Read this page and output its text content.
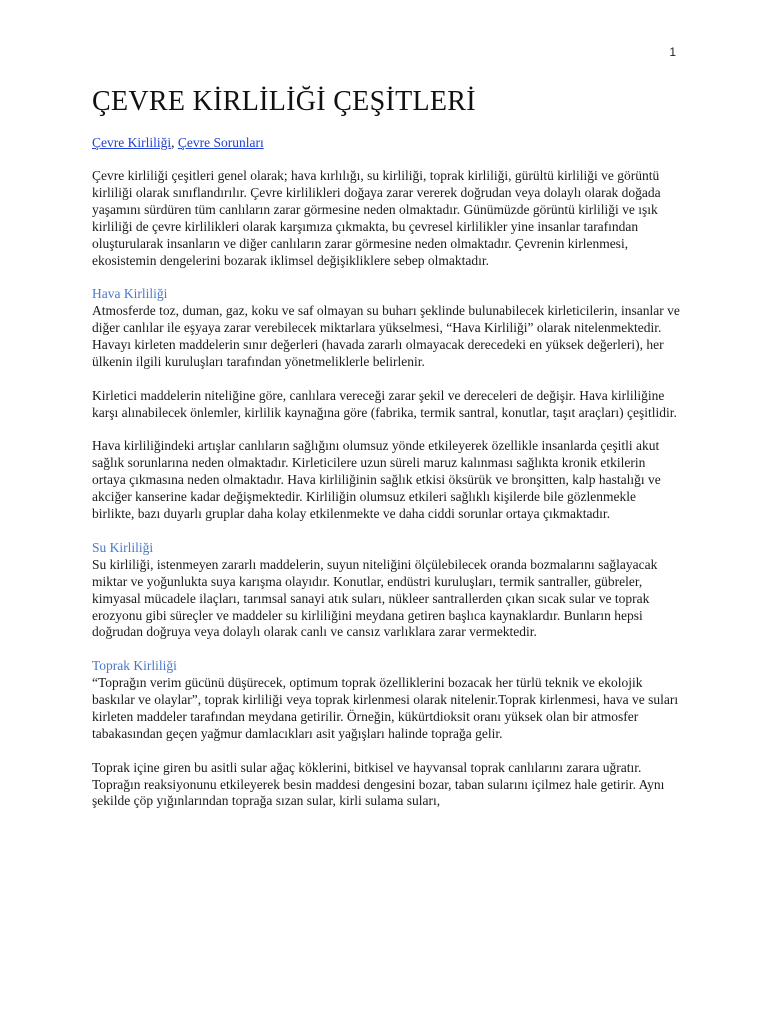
1
ÇEVRE KİRLİLİĞİ ÇEŞİTLERİ
Çevre Kirliliği, Çevre Sorunları

Çevre kirliliği çeşitleri genel olarak; hava kırlılığı, su kirliliği, toprak kirliliği, gürültü kirliliği ve görüntü kirliliği olarak sınıflandırılır. Çevre kirlilikleri doğaya zarar vererek doğrudan veya dolaylı olarak doğada yaşamını sürdüren tüm canlıların zarar görmesine neden olmaktadır. Günümüzde görüntü kirliliği ve ışık kirliliği de çevre kirlilikleri olarak karşımıza çıkmakta, bu çevresel kirlilikler yine insanlar tarafından oluşturularak insanların ve diğer canlıların zarar görmesine neden olmaktadır. Çevrenin kirlenmesi, ekosistemin dengelerini bozarak iklimsel değişikliklere sebep olmaktadır.

Hava Kirliliği

Atmosferde toz, duman, gaz, koku ve saf olmayan su buharı şeklinde bulunabilecek kirleticilerin, insanlar ve diğer canlılar ile eşyaya zarar verebilecek miktarlara yükselmesi, “Hava Kirliliği” olarak nitelenmektedir. Havayı kirleten maddelerin sınır değerleri (havada zararlı olmayacak derecedeki en yüksek değerleri), her ülkenin ilgili kuruluşları tarafından yönetmeliklerle belirlenir.

Kirletici maddelerin niteliğine göre, canlılara vereceği zarar şekil ve dereceleri de değişir. Hava kirliliğine karşı alınabilecek önlemler, kirlilik kaynağına göre (fabrika, termik santral, konutlar, taşıt araçları) çeşitlidir.

Hava kirliliğindeki artışlar canlıların sağlığını olumsuz yönde etkileyerek özellikle insanlarda çeşitli akut sağlık sorunlarına neden olmaktadır. Kirleticilere uzun süreli maruz kalınması sağlıkta kronik etkilerin ortaya çıkmasına neden olmaktadır. Hava kirliliğinin sağlık etkisi öksürük ve bronşitten, kalp hastalığı ve akciğer kanserine kadar değişmektedir. Kirliliğin olumsuz etkileri sağlıklı kişilerde bile gözlenmekle birlikte, bazı duyarlı gruplar daha kolay etkilenmekte ve daha ciddi sorunlar ortaya çıkmaktadır.

Su Kirliliği

Su kirliliği, istenmeyen zararlı maddelerin, suyun niteliğini ölçülebilecek oranda bozmalarını sağlayacak miktar ve yoğunlukta suya karışma olayıdır. Konutlar, endüstri kuruluşları, termik santraller, gübreler, kimyasal mücadele ilaçları, tarımsal sanayi atık suları, nükleer santrallerden çıkan sıcak sular ve toprak erozyonu gibi süreçler ve maddeler su kirliliğini meydana getiren başlıca kaynaklardır. Bunların hepsi doğrudan doğruya veya dolaylı olarak canlı ve cansız varlıklara zarar vermektedir.

Toprak Kirliliği

“Toprağın verim gücünü düşürecek, optimum toprak özelliklerini bozacak her türlü teknik ve ekolojik baskılar ve olaylar”, toprak kirliliği veya toprak kirlenmesi olarak nitelenir.Toprak kirlenmesi, hava ve suları kirleten maddeler tarafından meydana getirilir. Örneğin, kükürtdioksit oranı yüksek olan bir atmosfer tabakasından geçen yağmur damlacıkları asit yağışları halinde toprağa gelir.

Toprak içine giren bu asitli sular ağaç köklerini, bitkisel ve hayvansal toprak canlılarını zarara uğratır. Toprağın reaksiyonunu etkileyerek besin maddesi dengesini bozar, taban sularını içilmez hale getirir. Aynı şekilde çöp yığınlarından toprağa sızan sular, kirli sulama suları,
